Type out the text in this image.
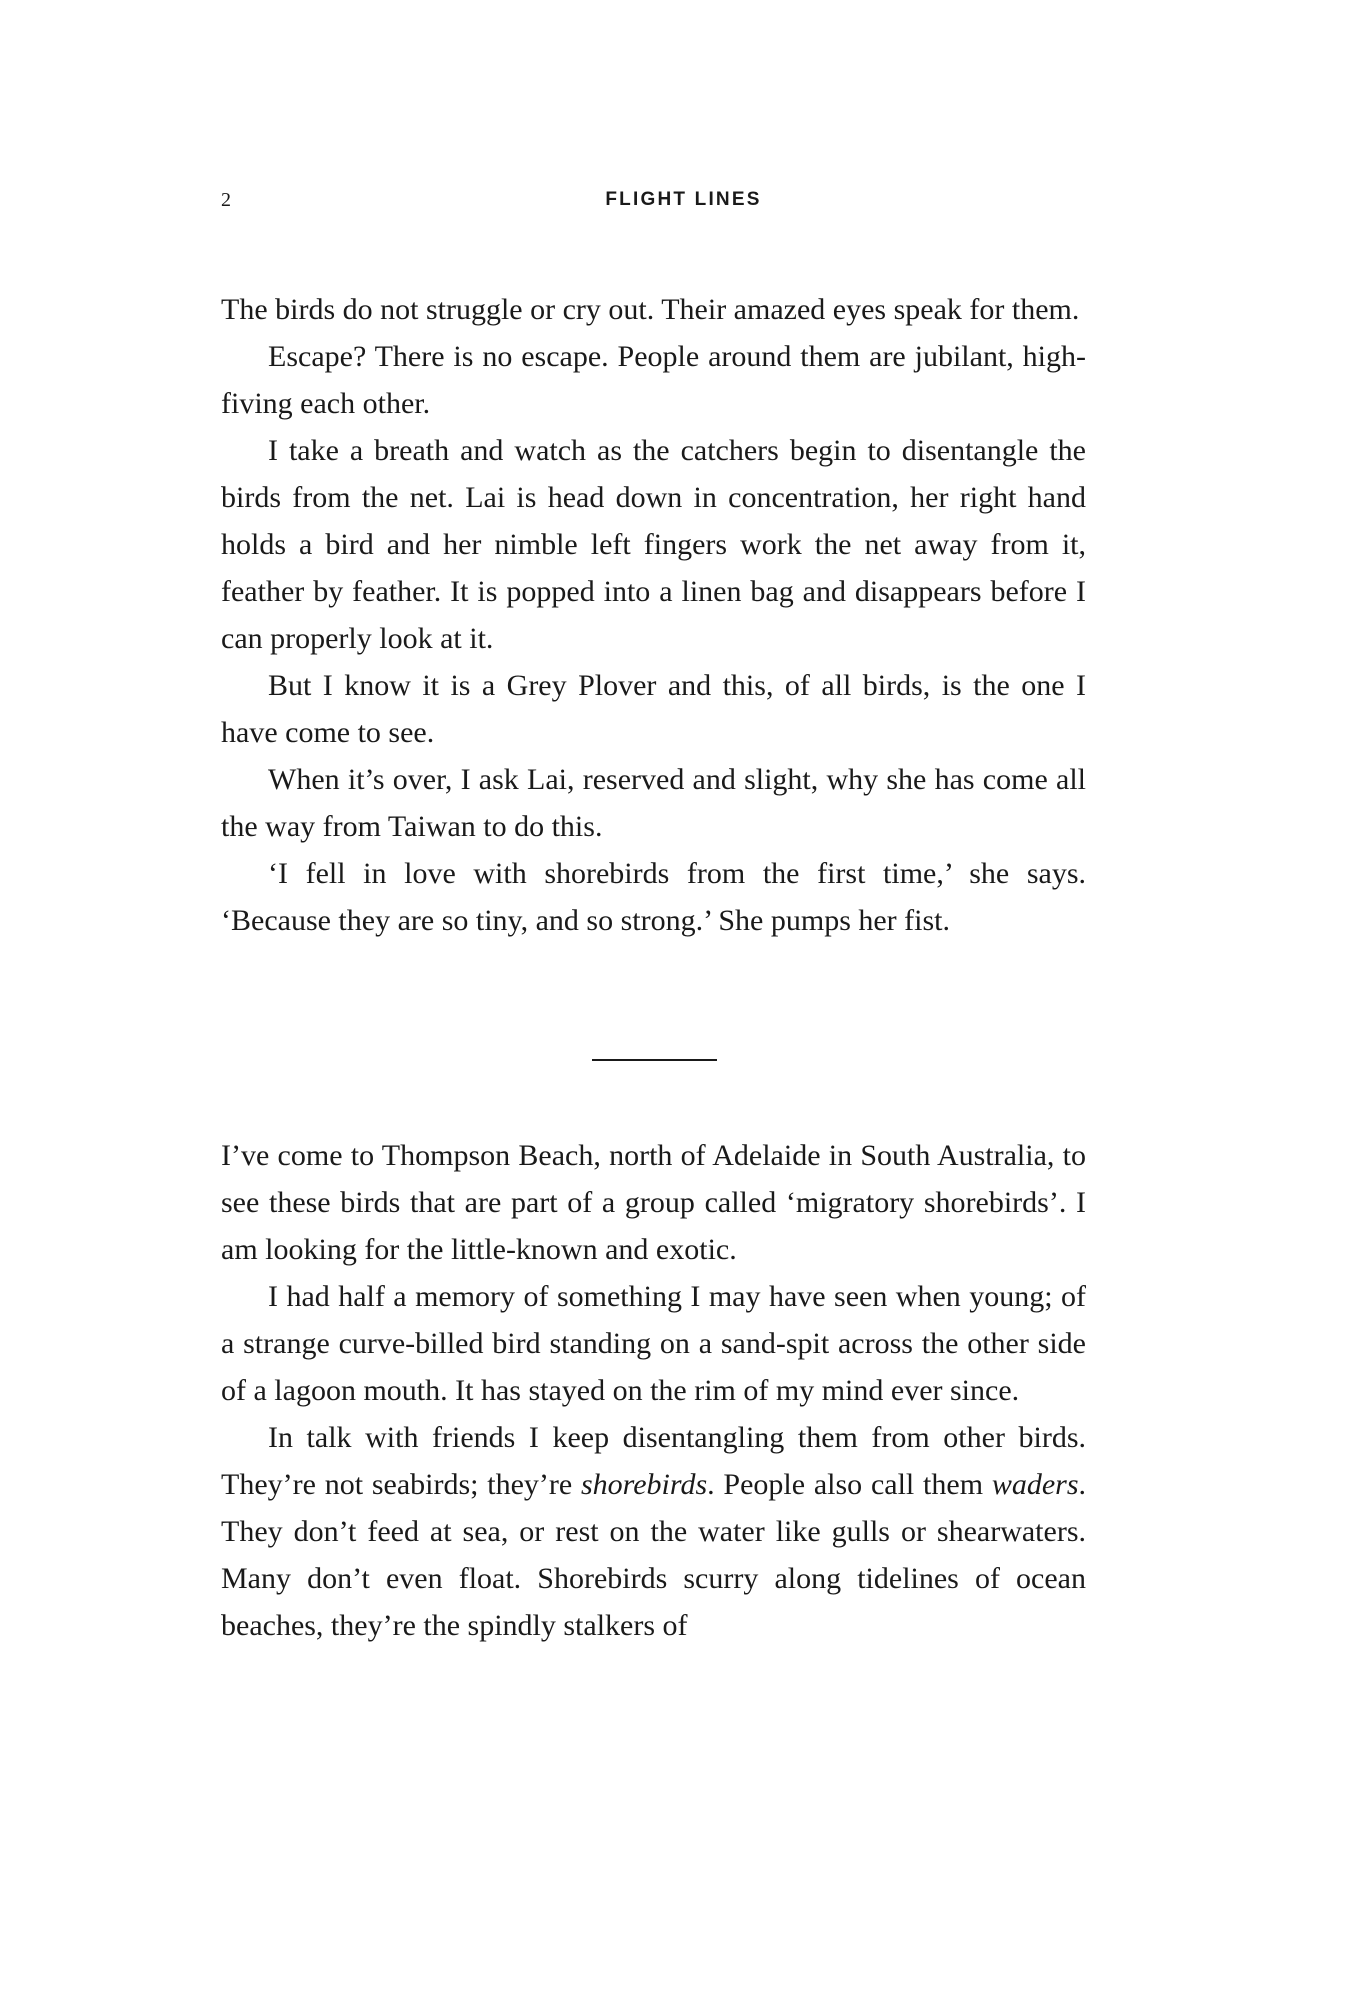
2	FLIGHT LINES

The birds do not struggle or cry out. Their amazed eyes speak for them.

Escape? There is no escape. People around them are jubilant, high-fiving each other.

I take a breath and watch as the catchers begin to disentangle the birds from the net. Lai is head down in concentration, her right hand holds a bird and her nimble left fingers work the net away from it, feather by feather. It is popped into a linen bag and disappears before I can properly look at it.

But I know it is a Grey Plover and this, of all birds, is the one I have come to see.

When it’s over, I ask Lai, reserved and slight, why she has come all the way from Taiwan to do this.

‘I fell in love with shorebirds from the first time,’ she says. ‘Because they are so tiny, and so strong.’ She pumps her fist.

I’ve come to Thompson Beach, north of Adelaide in South Australia, to see these birds that are part of a group called ‘migratory shorebirds’. I am looking for the little-known and exotic.

I had half a memory of something I may have seen when young; of a strange curve-billed bird standing on a sand-spit across the other side of a lagoon mouth. It has stayed on the rim of my mind ever since.

In talk with friends I keep disentangling them from other birds. They’re not seabirds; they’re shorebirds. People also call them waders. They don’t feed at sea, or rest on the water like gulls or shearwaters. Many don’t even float. Shorebirds scurry along tidelines of ocean beaches, they’re the spindly stalkers of
